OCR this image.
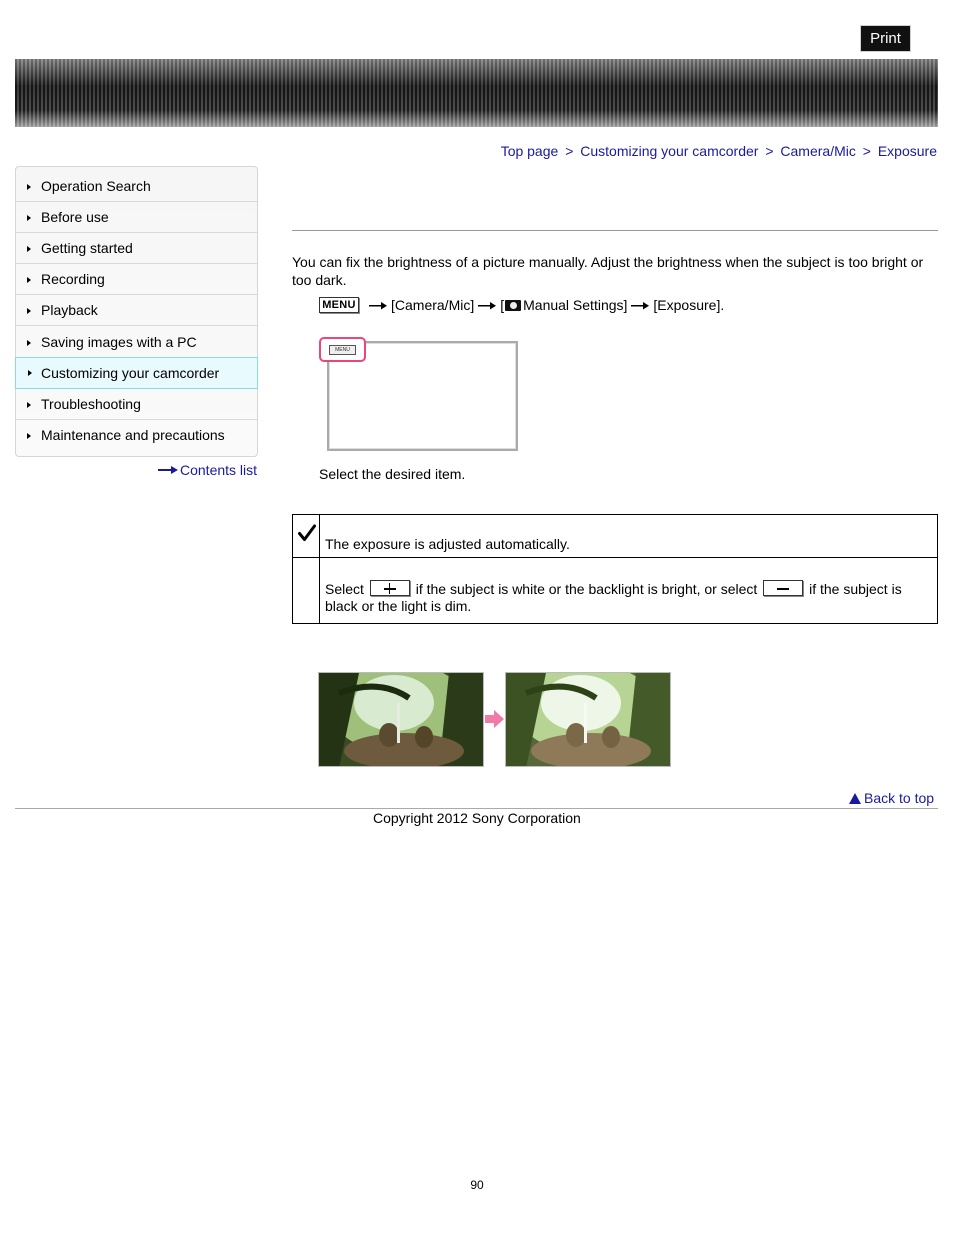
Search	Print
Top page > Customizing your camcorder > Camera/Mic > Exposure
Operation Search
Before use
Getting started
Recording
Playback
Saving images with a PC
Customizing your camcorder
Troubleshooting
Maintenance and precautions
Contents list

You can fix the brightness of a picture manually. Adjust the brightness when the subject is too bright or too dark.

MENU	[Camera/Mic] [ Manual Settings] [Exposure].
MENU

Select the desired item.

The exposure is adjusted automatically.

Select	if the subject is white or the backlight is bright, or select	if the subject is black or the light is dim.

Back to top

Copyright 2012 Sony Corporation

90
